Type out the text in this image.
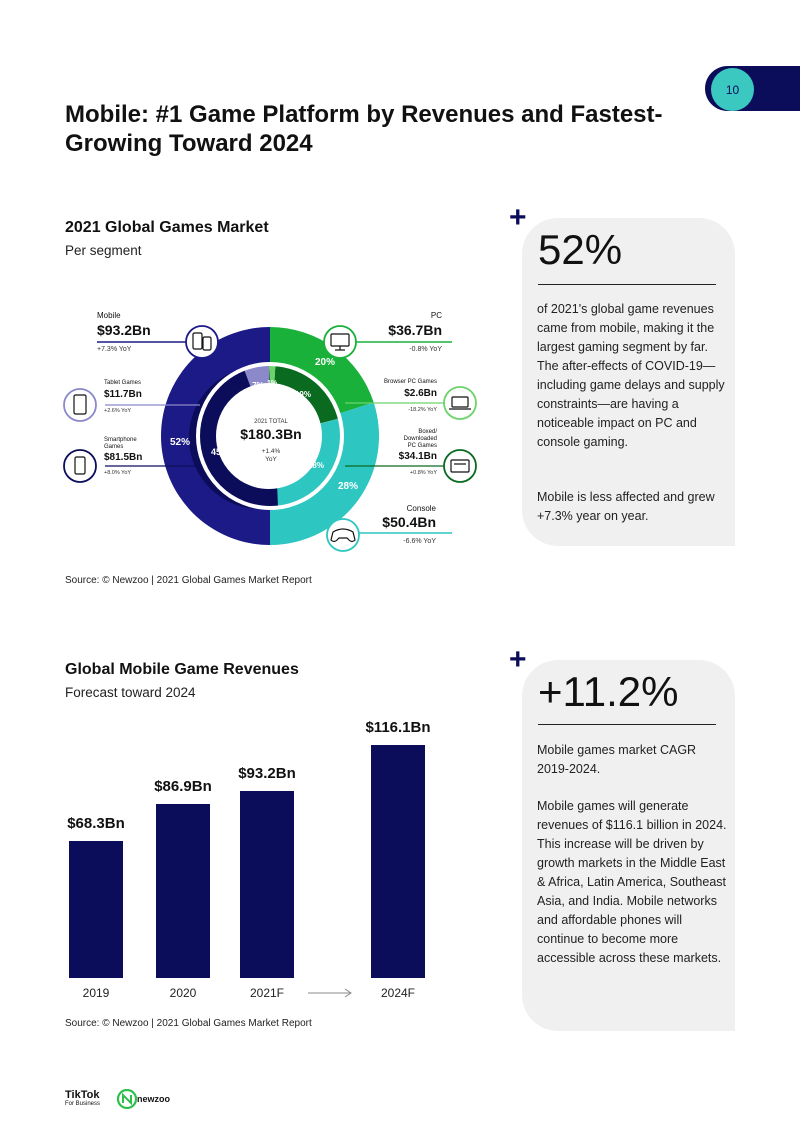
10
Mobile: #1 Game Platform by Revenues and Fastest-Growing Toward 2024
2021 Global Games Market
Per segment
52%
20%
28%
45%
7% 1%
19%
28%
2021 TOTAL
$180.3Bn
+1.4%
YoY
Mobile
$93.2Bn
+7.3% YoY
PC
$36.7Bn
-0.8% YoY
Console
$50.4Bn
-6.6% YoY
Tablet Games
$11.7Bn
+2.6% YoY
Smartphone
Games
$81.5Bn
+8.0% YoY
Browser PC Games
$2.6Bn
-18.2% YoY
Boxed/
Downloaded
PC Games
$34.1Bn
+0.8% YoY
Source: © Newzoo | 2021 Global Games Market Report
+
52%
of 2021's global game revenues came from mobile, making it the largest gaming segment by far. The after-effects of COVID-19—including game delays and supply constraints—are having a noticeable impact on PC and console gaming.
Mobile is less affected and grew +7.3% year on year.
Global Mobile Game Revenues
Forecast toward 2024
$68.3Bn
2019
$86.9Bn
2020
$93.2Bn
2021F
$116.1Bn
2024F
Source: © Newzoo | 2021 Global Games Market Report
+
+11.2%
Mobile games market CAGR 2019-2024.
Mobile games will generate revenues of $116.1 billion in 2024. This increase will be driven by growth markets in the Middle East & Africa, Latin America, Southeast Asia, and India. Mobile networks and affordable phones will continue to become more accessible across these markets.
TikTok
For Business	newzoo
